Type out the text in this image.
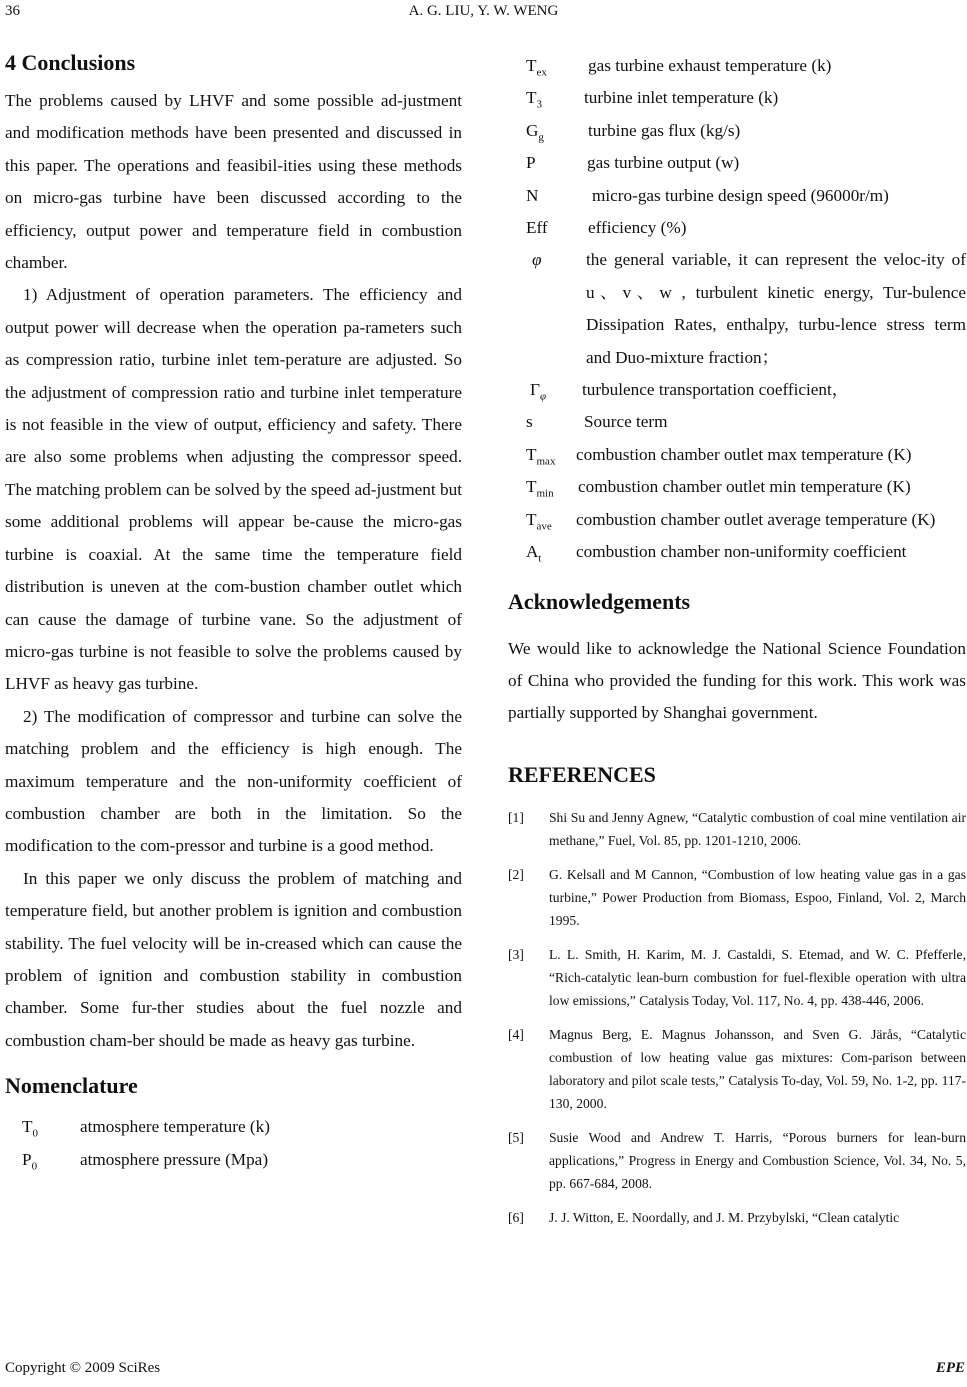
36	A. G. LIU, Y. W. WENG
4 Conclusions

The problems caused by LHVF and some possible ad-justment and modification methods have been presented and discussed in this paper. The operations and feasibil-ities using these methods on micro-gas turbine have been discussed according to the efficiency, output power and temperature field in combustion chamber.

1) Adjustment of operation parameters. The efficiency and output power will decrease when the operation pa-rameters such as compression ratio, turbine inlet tem-perature are adjusted. So the adjustment of compression ratio and turbine inlet temperature is not feasible in the view of output, efficiency and safety. There are also some problems when adjusting the compressor speed. The matching problem can be solved by the speed ad-justment but some additional problems will appear be-cause the micro-gas turbine is coaxial. At the same time the temperature field distribution is uneven at the com-bustion chamber outlet which can cause the damage of turbine vane. So the adjustment of micro-gas turbine is not feasible to solve the problems caused by LHVF as heavy gas turbine.

2) The modification of compressor and turbine can solve the matching problem and the efficiency is high enough. The maximum temperature and the non-uniformity coefficient of combustion chamber are both in the limitation. So the modification to the com-pressor and turbine is a good method.

In this paper we only discuss the problem of matching and temperature field, but another problem is ignition and combustion stability. The fuel velocity will be in-creased which can cause the problem of ignition and combustion stability in combustion chamber. Some fur-ther studies about the fuel nozzle and combustion cham-ber should be made as heavy gas turbine.

Nomenclature
$T_0$ atmosphere temperature (k)
$P_0$ atmosphere pressure (Mpa)
$T_{ex}$ gas turbine exhaust temperature (k)
$T_3$ turbine inlet temperature (k)
$G_g$	turbine gas flux (kg/s)
P	gas turbine output (w)
N	micro-gas turbine design speed (96000r/m)
Eff efficiency (%)
φ	the general variable, it can represent the veloc-ity of u、v、w , turbulent kinetic energy, Tur-bulence Dissipation Rates, enthalpy, turbu-lence stress term and Duo-mixture fraction；
$\Gamma_\varphi$ turbulence transportation coefficient，
s	Source term
$T_{max}$ combustion chamber outlet max temperature (K)
$T_{min}$ combustion chamber outlet min temperature (K)
$T_{ave}$ combustion chamber outlet average temperature (K)
$A_t$ combustion chamber non-uniformity coefficient
Acknowledgements

We would like to acknowledge the National Science Foundation of China who provided the funding for this work. This work was partially supported by Shanghai government.

REFERENCES
[1] Shi Su and Jenny Agnew, “Catalytic combustion of coal mine ventilation air methane,” Fuel, Vol. 85, pp. 1201-1210, 2006.
[2] G. Kelsall and M Cannon, “Combustion of low heating value gas in a gas turbine,” Power Production from Biomass, Espoo, Finland, Vol. 2, March 1995.
[3] L. L. Smith, H. Karim, M. J. Castaldi, S. Etemad, and W. C. Pfefferle, “Rich-catalytic lean-burn combustion for fuel-flexible operation with ultra low emissions,” Catalysis Today, Vol. 117, No. 4, pp. 438-446, 2006.
[4] Magnus Berg, E. Magnus Johansson, and Sven G. Järås, “Catalytic combustion of low heating value gas mixtures: Com-parison between laboratory and pilot scale tests,” Catalysis To-day, Vol. 59, No. 1-2, pp. 117-130, 2000.
[5] Susie Wood and Andrew T. Harris, “Porous burners for lean-burn applications,” Progress in Energy and Combustion Science, Vol. 34, No. 5, pp. 667-684, 2008.
[6] J. J. Witton, E. Noordally, and J. M. Przybylski, “Clean catalytic
Copyright © 2009 SciRes	EPE
